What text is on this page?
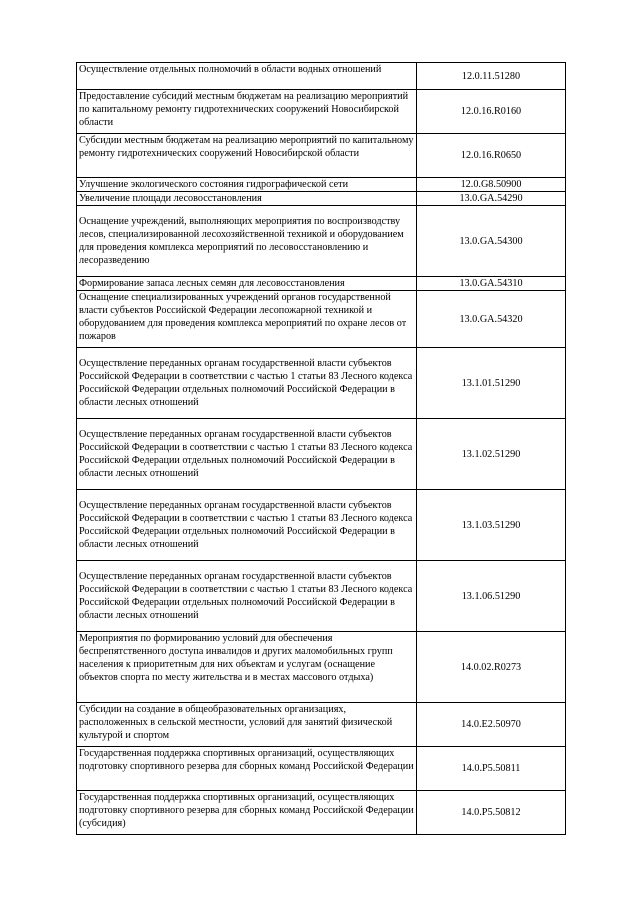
Осуществление отдельных полномочий в области водных отношений	12.0.11.51280

Предоставление субсидий местным бюджетам на реализацию мероприятий по капитальному ремонту гидротехнических сооружений Новосибирской области	12.0.16.R0160

Субсидии местным бюджетам на реализацию мероприятий по капитальному ремонту гидротехнических сооружений Новосибирской области	12.0.16.R0650

Улучшение экологического состояния гидрографической сети	12.0.G8.50900

Увеличение площади лесовосстановления	13.0.GA.54290

Оснащение учреждений, выполняющих мероприятия по воспроизводству лесов, специализированной лесохозяйственной техникой и оборудованием для проведения комплекса мероприятий по лесовосстановлению и лесоразведению	13.0.GA.54300

Формирование запаса лесных семян для лесовосстановления	13.0.GA.54310

Оснащение специализированных учреждений органов государственной власти субъектов Российской Федерации лесопожарной техникой и оборудованием для проведения комплекса мероприятий по охране лесов от пожаров	13.0.GA.54320

Осуществление переданных органам государственной власти субъектов Российской Федерации в соответствии с частью 1 статьи 83 Лесного кодекса Российской Федерации отдельных полномочий Российской Федерации в области лесных отношений	13.1.01.51290

Осуществление переданных органам государственной власти субъектов Российской Федерации в соответствии с частью 1 статьи 83 Лесного кодекса Российской Федерации отдельных полномочий Российской Федерации в области лесных отношений	13.1.02.51290

Осуществление переданных органам государственной власти субъектов Российской Федерации в соответствии с частью 1 статьи 83 Лесного кодекса Российской Федерации отдельных полномочий Российской Федерации в области лесных отношений	13.1.03.51290

Осуществление переданных органам государственной власти субъектов Российской Федерации в соответствии с частью 1 статьи 83 Лесного кодекса Российской Федерации отдельных полномочий Российской Федерации в области лесных отношений	13.1.06.51290

Мероприятия по формированию условий для обеспечения беспрепятственного доступа инвалидов и других маломобильных групп населения к приоритетным для них объектам и услугам (оснащение объектов спорта по месту жительства и в местах массового отдыха)	14.0.02.R0273

Субсидии на создание в общеобразовательных организациях, расположенных в сельской местности, условий для занятий физической культурой и спортом	14.0.E2.50970

Государственная поддержка спортивных организаций, осуществляющих подготовку спортивного резерва для сборных команд Российской Федерации	14.0.P5.50811

Государственная поддержка спортивных организаций, осуществляющих подготовку спортивного резерва для сборных команд Российской Федерации (субсидия)	14.0.P5.50812
